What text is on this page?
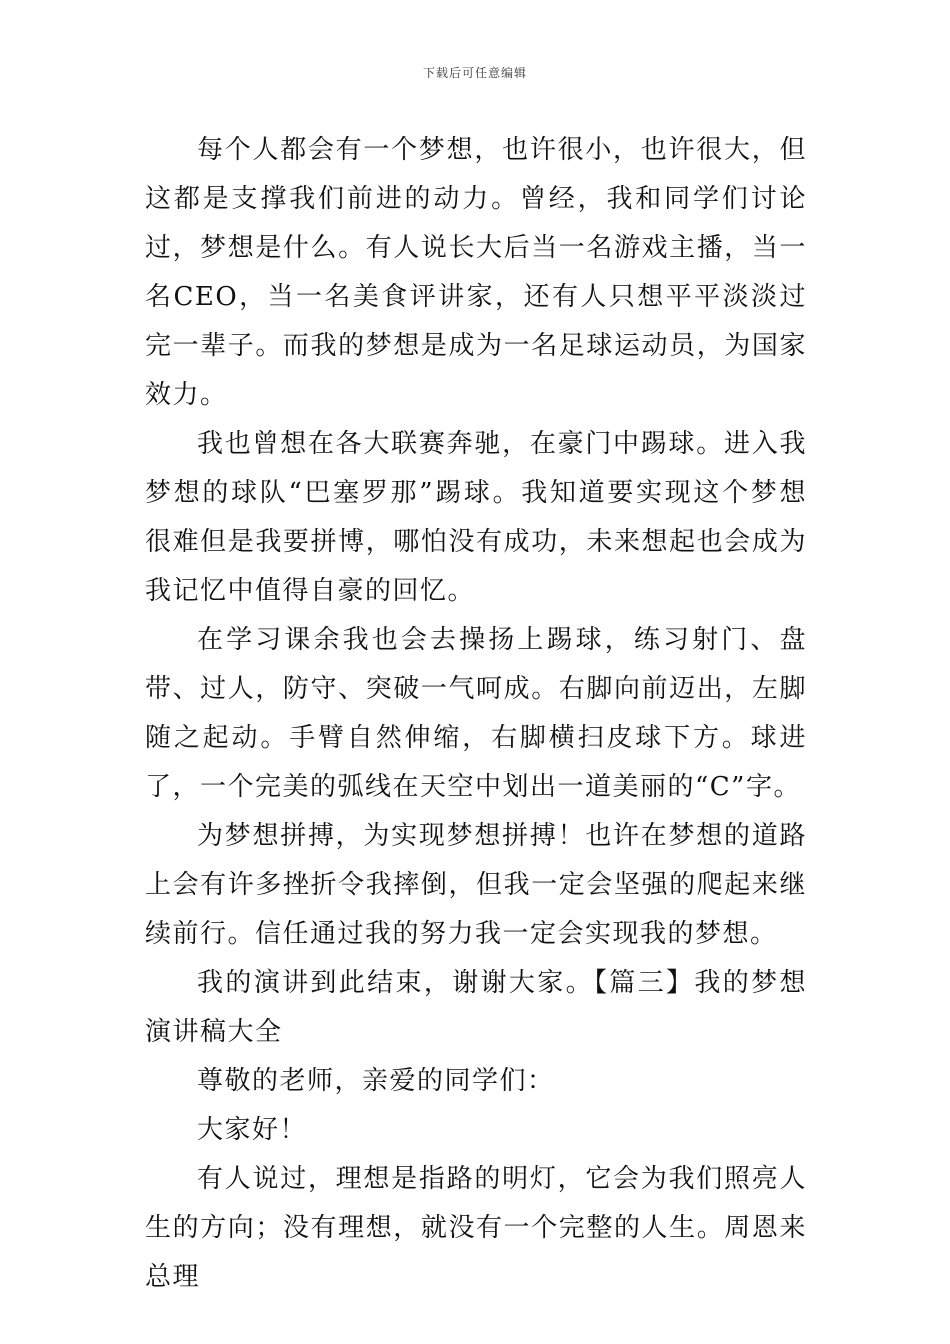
下载后可任意编辑

每个人都会有一个梦想，也许很小，也许很大，但这都是支撑我们前进的动力。曾经，我和同学们讨论过，梦想是什么。有人说长大后当一名游戏主播，当一名CEO，当一名美食评讲家，还有人只想平平淡淡过完一辈子。而我的梦想是成为一名足球运动员，为国家效力。

我也曾想在各大联赛奔驰，在豪门中踢球。进入我梦想的球队“巴塞罗那”踢球。我知道要实现这个梦想很难但是我要拼博，哪怕没有成功，未来想起也会成为我记忆中值得自豪的回忆。

在学习课余我也会去操扬上踢球，练习射门、盘带、过人，防守、突破一气呵成。右脚向前迈出，左脚随之起动。手臂自然伸缩，右脚横扫皮球下方。球进了，一个完美的弧线在天空中划出一道美丽的“C”字。

为梦想拼搏，为实现梦想拼搏！也许在梦想的道路上会有许多挫折令我摔倒，但我一定会坚强的爬起来继续前行。信任通过我的努力我一定会实现我的梦想。

我的演讲到此结束，谢谢大家。【篇三】我的梦想演讲稿大全

尊敬的老师，亲爱的同学们：

大家好！

有人说过，理想是指路的明灯，它会为我们照亮人生的方向；没有理想，就没有一个完整的人生。周恩来总理
